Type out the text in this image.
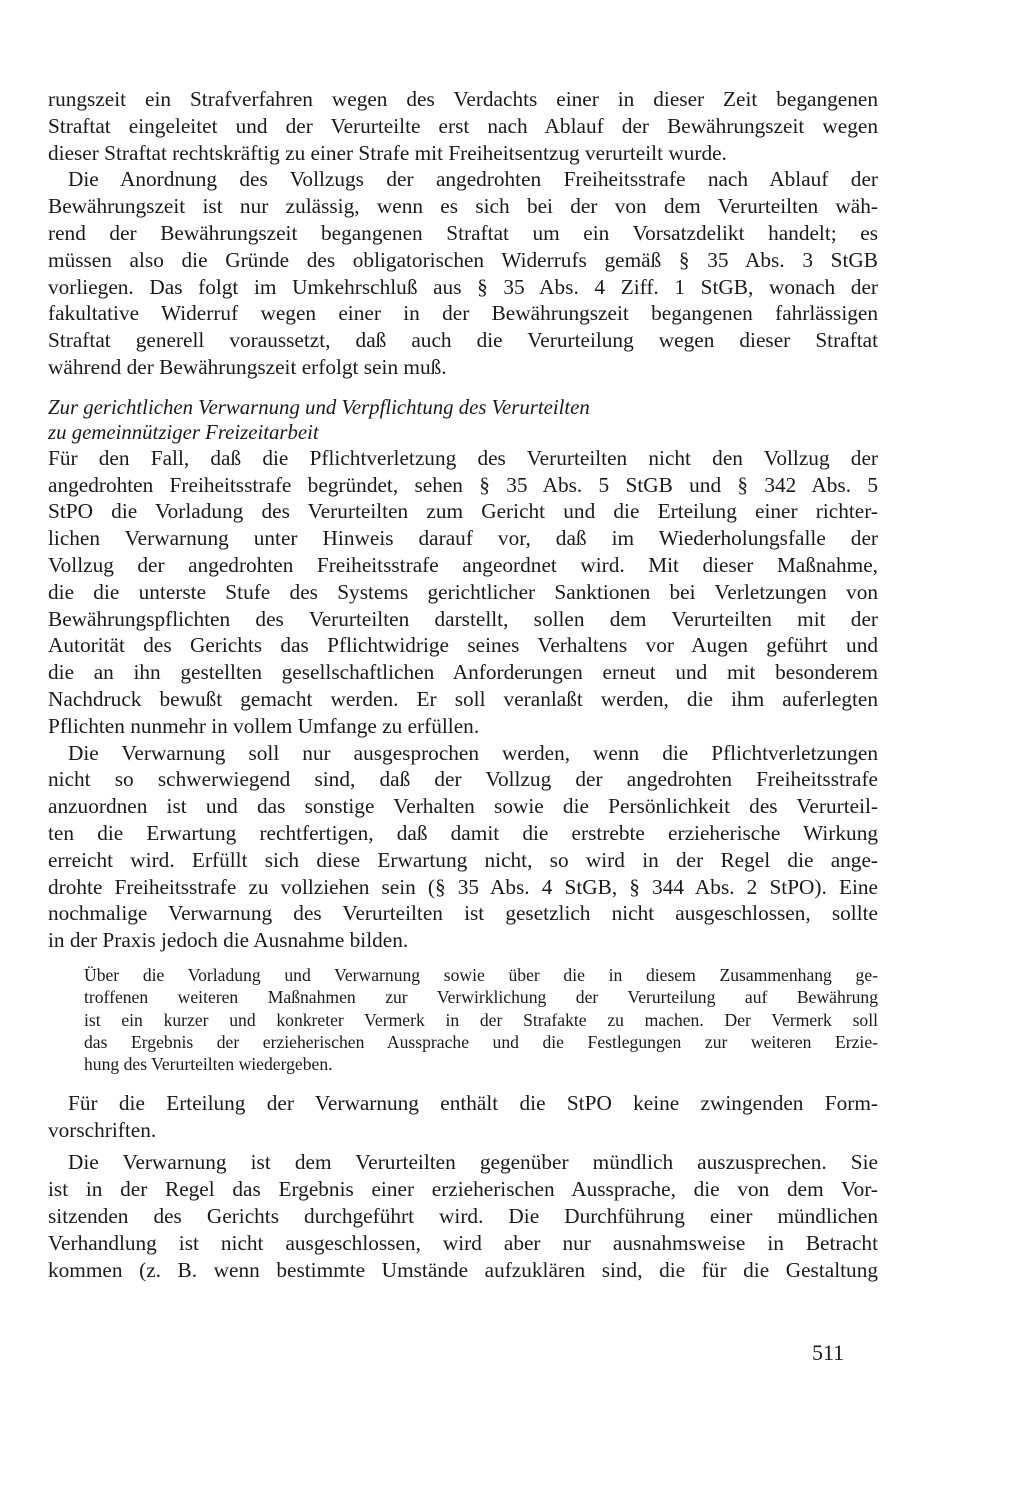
rungszeit ein Strafverfahren wegen des Verdachts einer in dieser Zeit begangenen
Straftat eingeleitet und der Verurteilte erst nach Ablauf der Bewährungszeit wegen
dieser Straftat rechtskräftig zu einer Strafe mit Freiheitsentzug verurteilt wurde.
Die Anordnung des Vollzugs der angedrohten Freiheitsstrafe nach Ablauf der
Bewährungszeit ist nur zulässig, wenn es sich bei der von dem Verurteilten wäh-
rend der Bewährungszeit begangenen Straftat um ein Vorsatzdelikt handelt; es
müssen also die Gründe des obligatorischen Widerrufs gemäß § 35 Abs. 3 StGB
vorliegen. Das folgt im Umkehrschluß aus § 35 Abs. 4 Ziff. 1 StGB, wonach der
fakultative Widerruf wegen einer in der Bewährungszeit begangenen fahrlässigen
Straftat generell voraussetzt, daß auch die Verurteilung wegen dieser Straftat
während der Bewährungszeit erfolgt sein muß.
Zur gerichtlichen Verwarnung und Verpflichtung des Verurteilten
zu gemeinnütziger Freizeitarbeit
Für den Fall, daß die Pflichtverletzung des Verurteilten nicht den Vollzug der
angedrohten Freiheitsstrafe begründet, sehen § 35 Abs. 5 StGB und § 342 Abs. 5
StPO die Vorladung des Verurteilten zum Gericht und die Erteilung einer richter-
lichen Verwarnung unter Hinweis darauf vor, daß im Wiederholungsfalle der
Vollzug der angedrohten Freiheitsstrafe angeordnet wird. Mit dieser Maßnahme,
die die unterste Stufe des Systems gerichtlicher Sanktionen bei Verletzungen von
Bewährungspflichten des Verurteilten darstellt, sollen dem Verurteilten mit der
Autorität des Gerichts das Pflichtwidrige seines Verhaltens vor Augen geführt und
die an ihn gestellten gesellschaftlichen Anforderungen erneut und mit besonderem
Nachdruck bewußt gemacht werden. Er soll veranlaßt werden, die ihm auferlegten
Pflichten nunmehr in vollem Umfange zu erfüllen.
Die Verwarnung soll nur ausgesprochen werden, wenn die Pflichtverletzungen
nicht so schwerwiegend sind, daß der Vollzug der angedrohten Freiheitsstrafe
anzuordnen ist und das sonstige Verhalten sowie die Persönlichkeit des Verurteil-
ten die Erwartung rechtfertigen, daß damit die erstrebte erzieherische Wirkung
erreicht wird. Erfüllt sich diese Erwartung nicht, so wird in der Regel die ange-
drohte Freiheitsstrafe zu vollziehen sein (§ 35 Abs. 4 StGB, § 344 Abs. 2 StPO). Eine
nochmalige Verwarnung des Verurteilten ist gesetzlich nicht ausgeschlossen, sollte
in der Praxis jedoch die Ausnahme bilden.
Über die Vorladung und Verwarnung sowie über die in diesem Zusammenhang ge-
troffenen weiteren Maßnahmen zur Verwirklichung der Verurteilung auf Bewährung
ist ein kurzer und konkreter Vermerk in der Strafakte zu machen. Der Vermerk soll
das Ergebnis der erzieherischen Aussprache und die Festlegungen zur weiteren Erzie-
hung des Verurteilten wiedergeben.
Für die Erteilung der Verwarnung enthält die StPO keine zwingenden Form-
vorschriften.
Die Verwarnung ist dem Verurteilten gegenüber mündlich auszusprechen. Sie
ist in der Regel das Ergebnis einer erzieherischen Aussprache, die von dem Vor-
sitzenden des Gerichts durchgeführt wird. Die Durchführung einer mündlichen
Verhandlung ist nicht ausgeschlossen, wird aber nur ausnahmsweise in Betracht
kommen (z. B. wenn bestimmte Umstände aufzuklären sind, die für die Gestaltung
511
